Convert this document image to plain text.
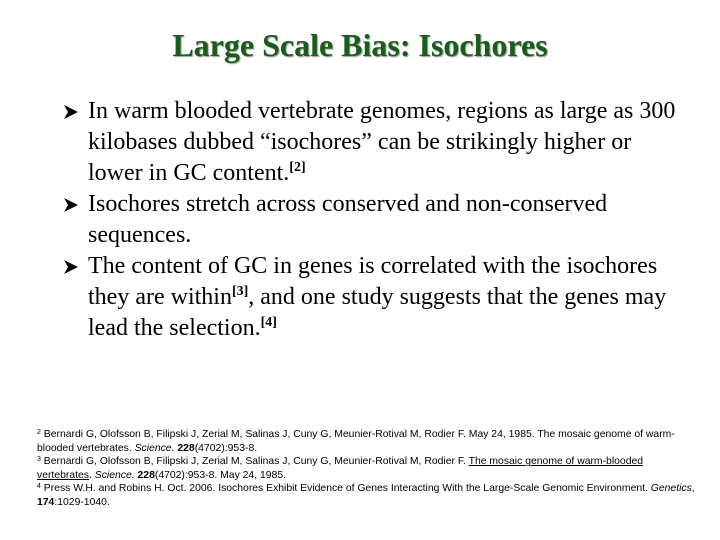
Large Scale Bias: Isochores
In warm blooded vertebrate genomes, regions as large as 300 kilobases dubbed “isochores” can be strikingly higher or lower in GC content.[2]
Isochores stretch across conserved and non-conserved sequences.
The content of GC in genes is correlated with the isochores they are within[3], and one study suggests that the genes may lead the selection.[4]

$^2$ Bernardi G, Olofsson B, Filipski J, Zerial M, Salinas J, Cuny G, Meunier-Rotival M, Rodier F. May 24, 1985. The mosaic genome of warm-blooded vertebrates. Science. 228(4702):953-8.

$^3$ Bernardi G, Olofsson B, Filipski J, Zerial M, Salinas J, Cuny G, Meunier-Rotival M, Rodier F. The mosaic genome of warm-blooded vertebrates. Science. 228(4702):953-8. May 24, 1985.

$^4$ Press W.H. and Robins H. Oct. 2006. Isochores Exhibit Evidence of Genes Interacting With the Large-Scale Genomic Environment. Genetics, 174:1029-1040.
